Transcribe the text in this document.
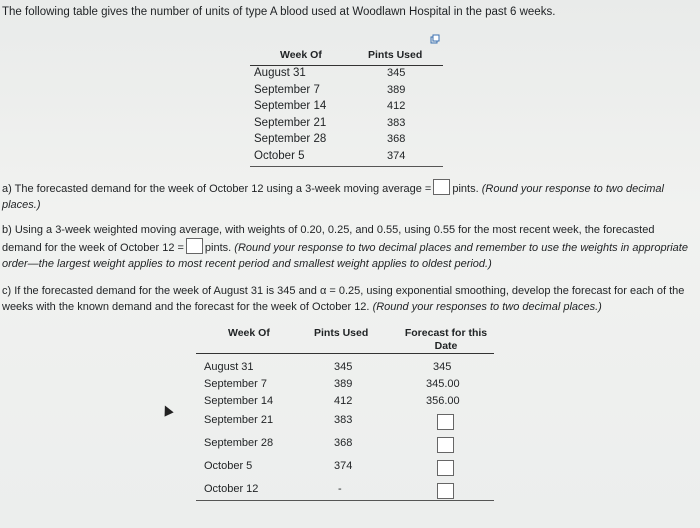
The following table gives the number of units of type A blood used at Woodlawn Hospital in the past 6 weeks.
Week Of	Pints Used
August 31	345
September 7	389
September 14	412
September 21	383
September 28	368
October 5	374
a) The forecasted demand for the week of October 12 using a 3-week moving average = pints. (Round your response to two decimal places.)
b) Using a 3-week weighted moving average, with weights of 0.20, 0.25, and 0.55, using 0.55 for the most recent week, the forecasted demand for the week of October 12 = pints. (Round your response to two decimal places and remember to use the weights in appropriate order—the largest weight applies to most recent period and smallest weight applies to oldest period.)
c) If the forecasted demand for the week of August 31 is 345 and α = 0.25, using exponential smoothing, develop the forecast for each of the weeks with the known demand and the forecast for the week of October 12. (Round your responses to two decimal places.)
Week Of	Pints Used	Forecast for this Date
August 31	345	345
September 7	389	345.00
September 14	412	356.00
September 21	383
September 28	368
October 5	374
October 12	-
